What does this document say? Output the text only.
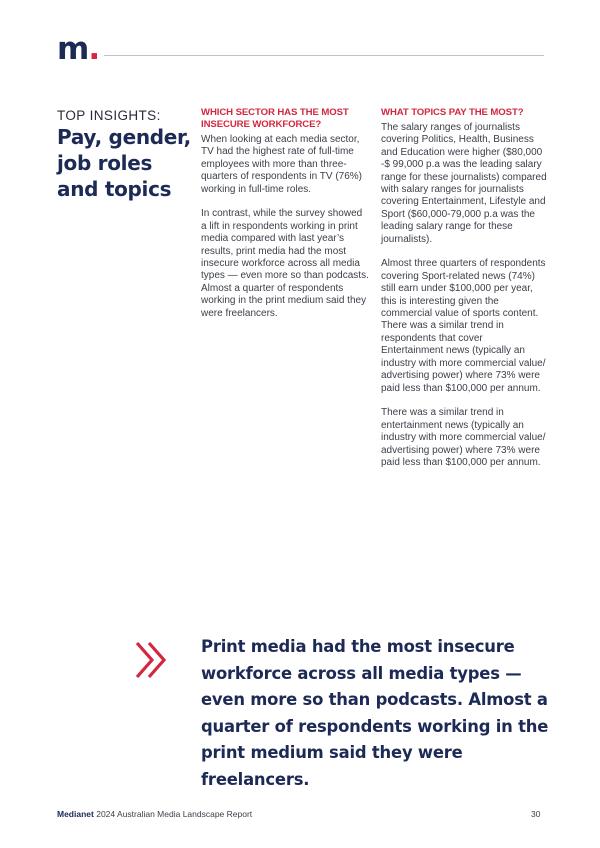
m.
TOP INSIGHTS:
Pay, gender, job roles and topics
WHICH SECTOR HAS THE MOST INSECURE WORKFORCE?

When looking at each media sector, TV had the highest rate of full-time employees with more than three-quarters of respondents in TV (76%) working in full-time roles.

In contrast, while the survey showed a lift in respondents working in print media compared with last year’s results, print media had the most insecure workforce across all media types — even more so than podcasts. Almost a quarter of respondents working in the print medium said they were freelancers.

WHAT TOPICS PAY THE MOST?

The salary ranges of journalists covering Politics, Health, Business and Education were higher ($80,000 -$ 99,000 p.a was the leading salary range for these journalists) compared with salary ranges for journalists covering Entertainment, Lifestyle and Sport ($60,000-79,000 p.a was the leading salary range for these journalists).

Almost three quarters of respondents covering Sport-related news (74%) still earn under $100,000 per year, this is interesting given the commercial value of sports content. There was a similar trend in respondents that cover Entertainment news (typically an industry with more commercial value/ advertising power) where 73% were paid less than $100,000 per annum.

There was a similar trend in entertainment news (typically an industry with more commercial value/ advertising power) where 73% were paid less than $100,000 per annum.

Print media had the most insecure workforce across all media types — even more so than podcasts. Almost a quarter of respondents working in the print medium said they were freelancers.
Medianet 2024 Australian Media Landscape Report	30
